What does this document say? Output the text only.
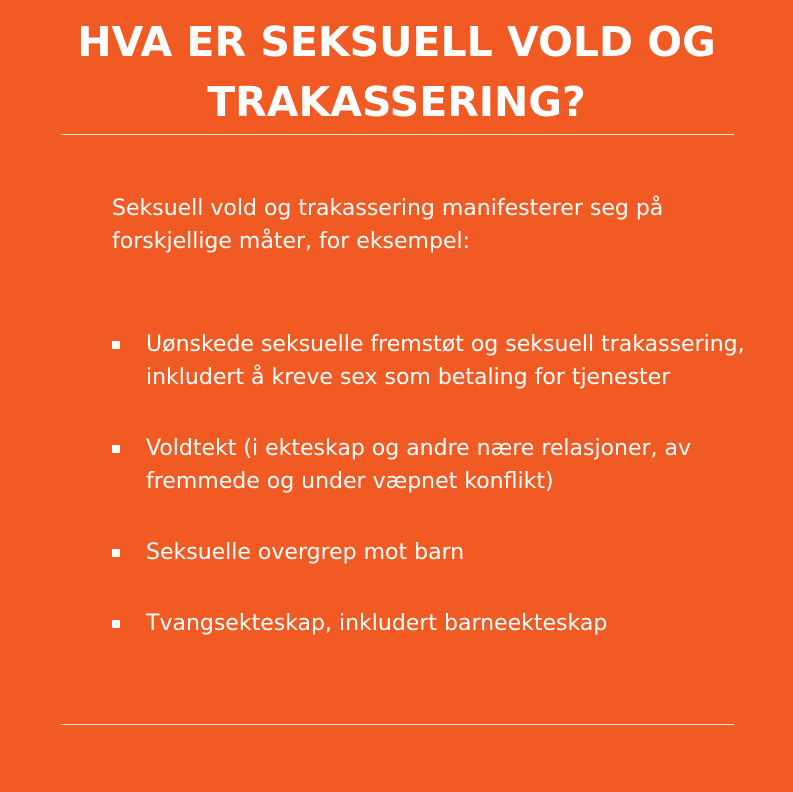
HVA ER SEKSUELL VOLD OG TRAKASSERING?

Seksuell vold og trakassering manifesterer seg på forskjellige måter, for eksempel:

Uønskede seksuelle fremstøt og seksuell trakassering, inkludert å kreve sex som betaling for tjenester
Voldtekt (i ekteskap og andre nære relasjoner, av fremmede og under væpnet konflikt)
Seksuelle overgrep mot barn
Tvangsekteskap, inkludert barneekteskap
